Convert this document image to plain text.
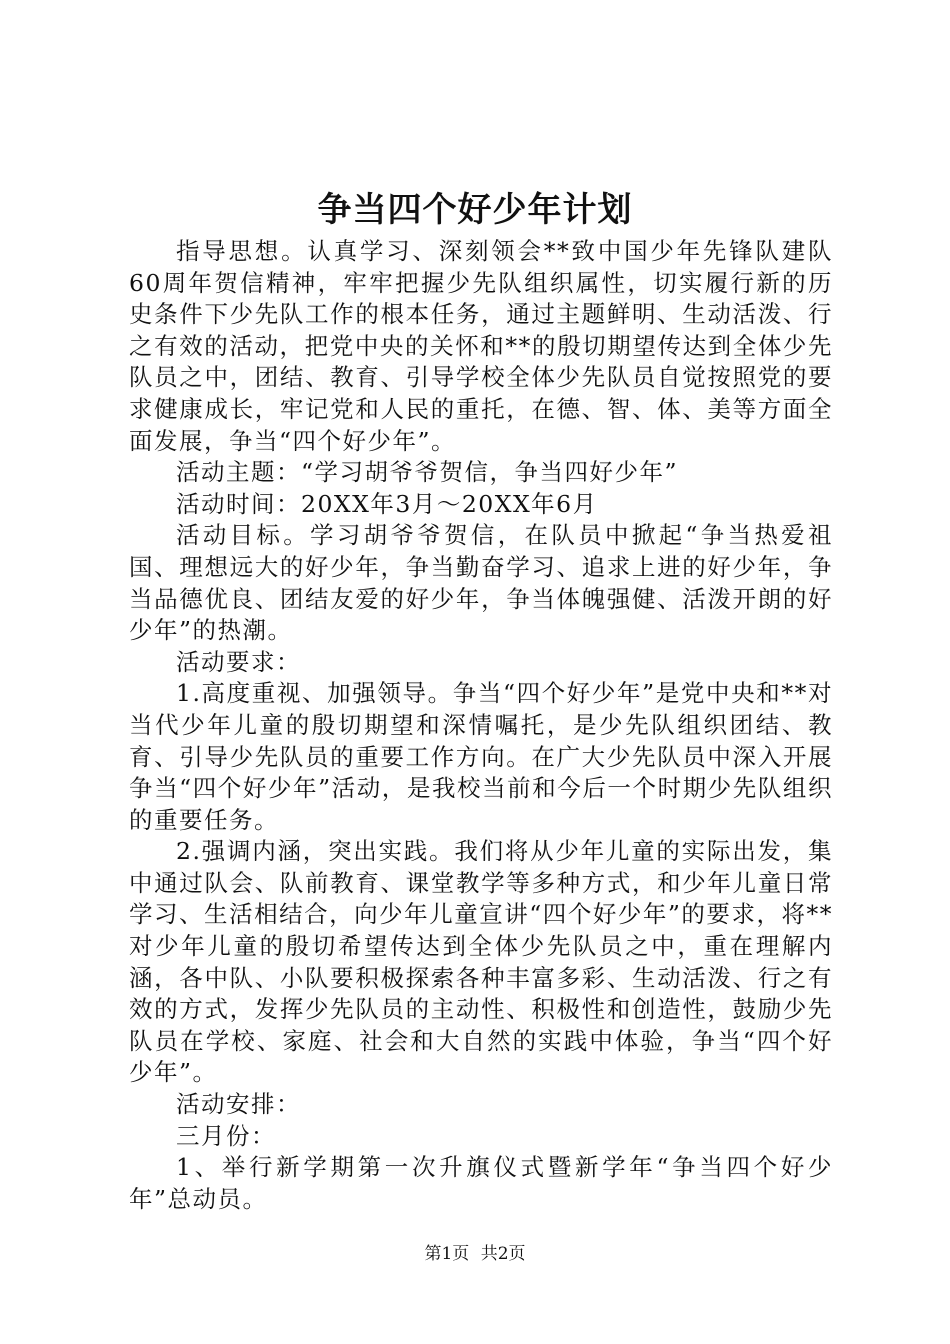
争当四个好少年计划

指导思想。认真学习、深刻领会**致中国少年先锋队建队60周年贺信精神，牢牢把握少先队组织属性，切实履行新的历史条件下少先队工作的根本任务，通过主题鲜明、生动活泼、行之有效的活动，把党中央的关怀和**的殷切期望传达到全体少先队员之中，团结、教育、引导学校全体少先队员自觉按照党的要求健康成长，牢记党和人民的重托，在德、智、体、美等方面全面发展，争当“四个好少年”。

活动主题：“学习胡爷爷贺信，争当四好少年”

活动时间：20XX年3月～20XX年6月

活动目标。学习胡爷爷贺信，在队员中掀起“争当热爱祖国、理想远大的好少年，争当勤奋学习、追求上进的好少年，争当品德优良、团结友爱的好少年，争当体魄强健、活泼开朗的好少年”的热潮。

活动要求：

1.高度重视、加强领导。争当“四个好少年”是党中央和**对当代少年儿童的殷切期望和深情嘱托，是少先队组织团结、教育、引导少先队员的重要工作方向。在广大少先队员中深入开展争当“四个好少年”活动，是我校当前和今后一个时期少先队组织的重要任务。

2.强调内涵，突出实践。我们将从少年儿童的实际出发，集中通过队会、队前教育、课堂教学等多种方式，和少年儿童日常学习、生活相结合，向少年儿童宣讲“四个好少年”的要求，将**对少年儿童的殷切希望传达到全体少先队员之中，重在理解内涵，各中队、小队要积极探索各种丰富多彩、生动活泼、行之有效的方式，发挥少先队员的主动性、积极性和创造性，鼓励少先队员在学校、家庭、社会和大自然的实践中体验，争当“四个好少年”。

活动安排：

三月份：

1、举行新学期第一次升旗仪式暨新学年“争当四个好少年”总动员。

第1页 共2页
